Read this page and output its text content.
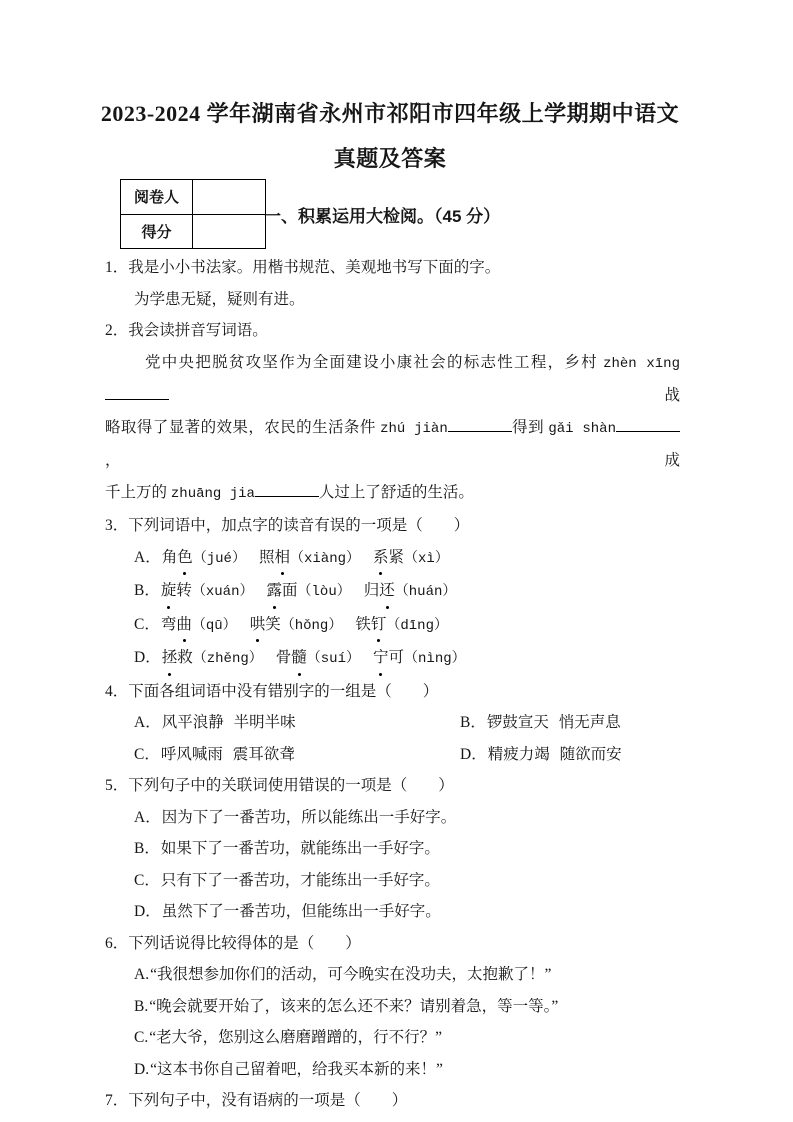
2023-2024 学年湖南省永州市祁阳市四年级上学期期中语文
真题及答案
阅卷人
得分
一、积累运用大检阅。（45 分）
1．我是小小书法家。用楷书规范、美观地书写下面的字。
为学患无疑，疑则有进。
2．我会读拼音写词语。
党中央把脱贫攻坚作为全面建设小康社会的标志性工程，乡村 zhèn xīng战
略取得了显著的效果，农民的生活条件 zhú jiàn	得到 gǎi shàn，成
千上万的 zhuāng jia	人过上了舒适的生活。
3．下列词语中，加点字的读音有误的一项是（　　）
A．角色（jué） 照相（xiàng） 系紧（xì）
B．旋转（xuán） 露面（lòu） 归还（huán）
C．弯曲（qū） 哄笑（hǒng） 铁钉（dīng）
D．拯救（zhěng） 骨髓（suí） 宁可（nìng）
4．下面各组词语中没有错别字的一组是（　　）
A．风平浪静 半明半味	B．锣鼓宣天 悄无声息
C．呼风喊雨 震耳欲聋	D．精疲力竭 随欲而安
5．下列句子中的关联词使用错误的一项是（　　）
A．因为下了一番苦功，所以能练出一手好字。
B．如果下了一番苦功，就能练出一手好字。
C．只有下了一番苦功，才能练出一手好字。
D．虽然下了一番苦功，但能练出一手好字。
6．下列话说得比较得体的是（　　）
A.“我很想参加你们的活动，可今晚实在没功夫，太抱歉了！”
B.“晚会就要开始了，该来的怎么还不来？请别着急，等一等。”
C.“老大爷，您别这么磨磨蹭蹭的，行不行？”
D.“这本书你自己留着吧，给我买本新的来！”
7．下列句子中，没有语病的一项是（　　）
